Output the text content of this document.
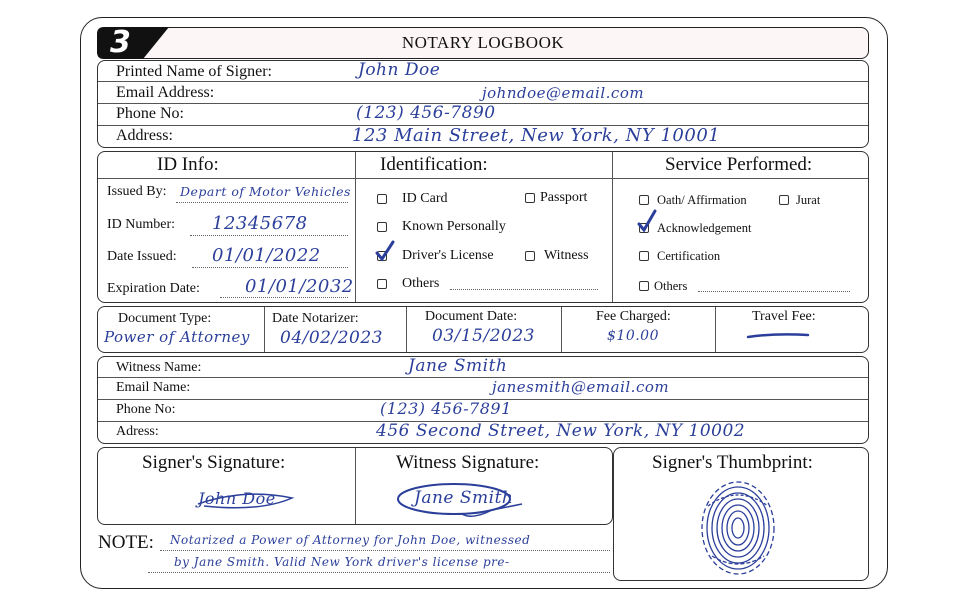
3	NOTARY LOGBOOK
Printed Name of Signer:	John Doe
Email Address:	johndoe@email.com
Phone No:	(123) 456-7890
Address:	123 Main Street, New York, NY 10001
ID Info:	Identification:	Service Performed:
Issued By: Depart of Motor Vehicles
ID Number: 12345678
Date Issued: 01/01/2022
Expiration Date:	01/01/2032
ID Card	Passport
Known Personally
Driver's License	Witness
Others
Oath/ Affirmation	Jurat
Acknowledgement
Certification
Others
Document Type:
Power of Attorney
Date Notarizer:
04/02/2023
Document Date:
03/15/2023
Fee Charged:
$10.00
Travel Fee:
Witness Name:	Jane Smith
Email Name:	janesmith@email.com
Phone No:	(123) 456-7891
Adress:	456 Second Street, New York, NY 10002
Signer's Signature:	Witness Signature:	Signer's Thumbprint:
John Doe	Jane Smith
NOTE: Notarized a Power of Attorney for John Doe, witnessed
by Jane Smith. Valid New York driver's license pre-
